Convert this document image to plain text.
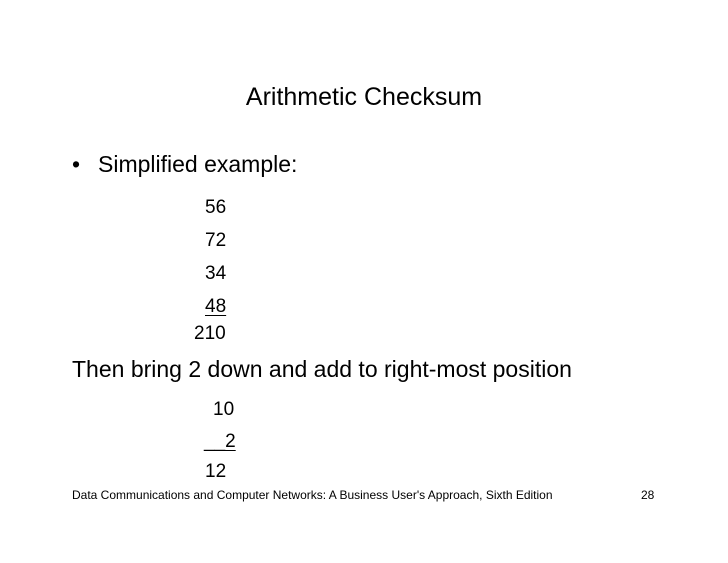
Arithmetic Checksum
• Simplified example:
56
72
34
48
210
Then bring 2 down and add to right-most position
10
__2
12
Data Communications and Computer Networks: A Business User's Approach, Sixth Edition	28
